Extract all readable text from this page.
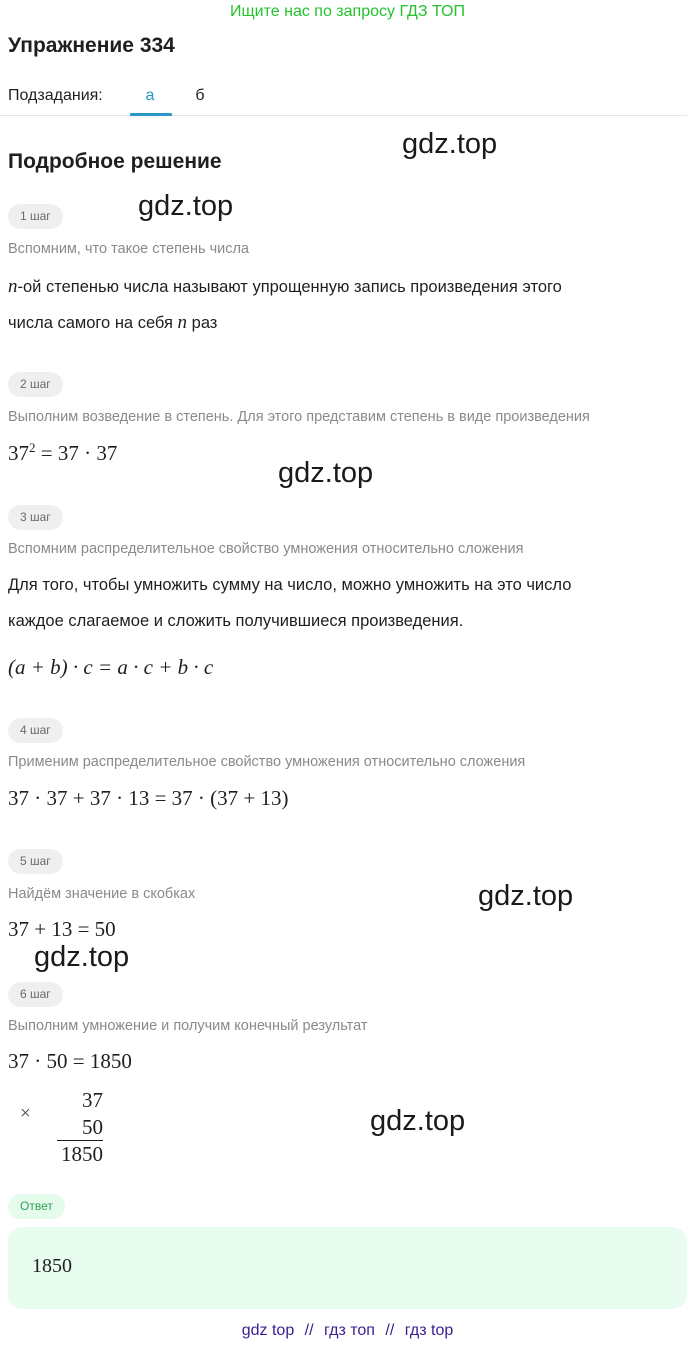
Ищите нас по запросу ГДЗ ТОП
Упражнение 334
Подзадания:	а	б
Подробное решение
gdz.top
gdz.top
gdz.top
gdz.top
gdz.top
gdz.top
1 шаг
Вспомним, что такое степень числа
n-ой степенью числа называют упрощенную запись произведения этого
числа самого на себя n раз
2 шаг
Выполним возведение в степень. Для этого представим степень в виде произведения
$37^2 = 37 \cdot 37$
3 шаг
Вспомним распределительное свойство умножения относительно сложения
Для того, чтобы умножить сумму на число, можно умножить на это число
каждое слагаемое и сложить получившиеся произведения.
(a + b) · c = a · c + b · c
4 шаг
Применим распределительное свойство умножения относительно сложения
37 · 37 + 37 · 13 = 37 · (37 + 13)
5 шаг
Найдём значение в скобках
37 + 13 = 50
6 шаг
Выполним умножение и получим конечный результат
37 · 50 = 1850
×
37
50
1850
Ответ
1850
gdz top // гдз топ // гдз top
